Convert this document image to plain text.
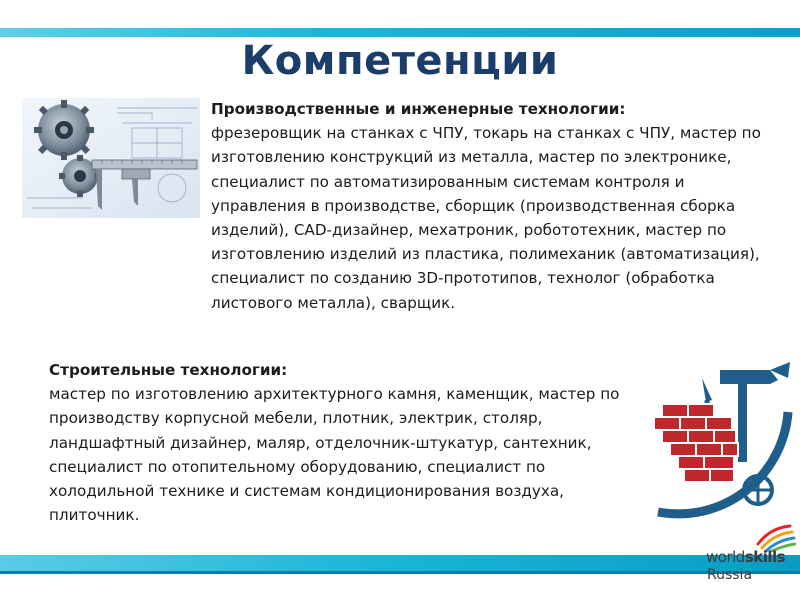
Компетенции
Производственные и инженерные технологии:
фрезеровщик на станках с ЧПУ, токарь на станках с ЧПУ, мастер по изготовлению конструкций из металла, мастер по электронике, специалист по автоматизированным системам контроля и управления в производстве, сборщик (производственная сборка изделий), CAD-дизайнер, мехатроник, робототехник, мастер по изготовлению изделий из пластика, полимеханик (автоматизация), специалист по созданию 3D-прототипов, технолог (обработка листового металла), сварщик.
Строительные технологии:
мастер по изготовлению архитектурного камня, каменщик, мастер по производству корпусной мебели, плотник, электрик, столяр, ландшафтный дизайнер, маляр, отделочник-штукатур, сантехник, специалист по отопительному оборудованию, специалист по холодильной технике и системам кондиционирования воздуха, плиточник.
worldskills
Russia
